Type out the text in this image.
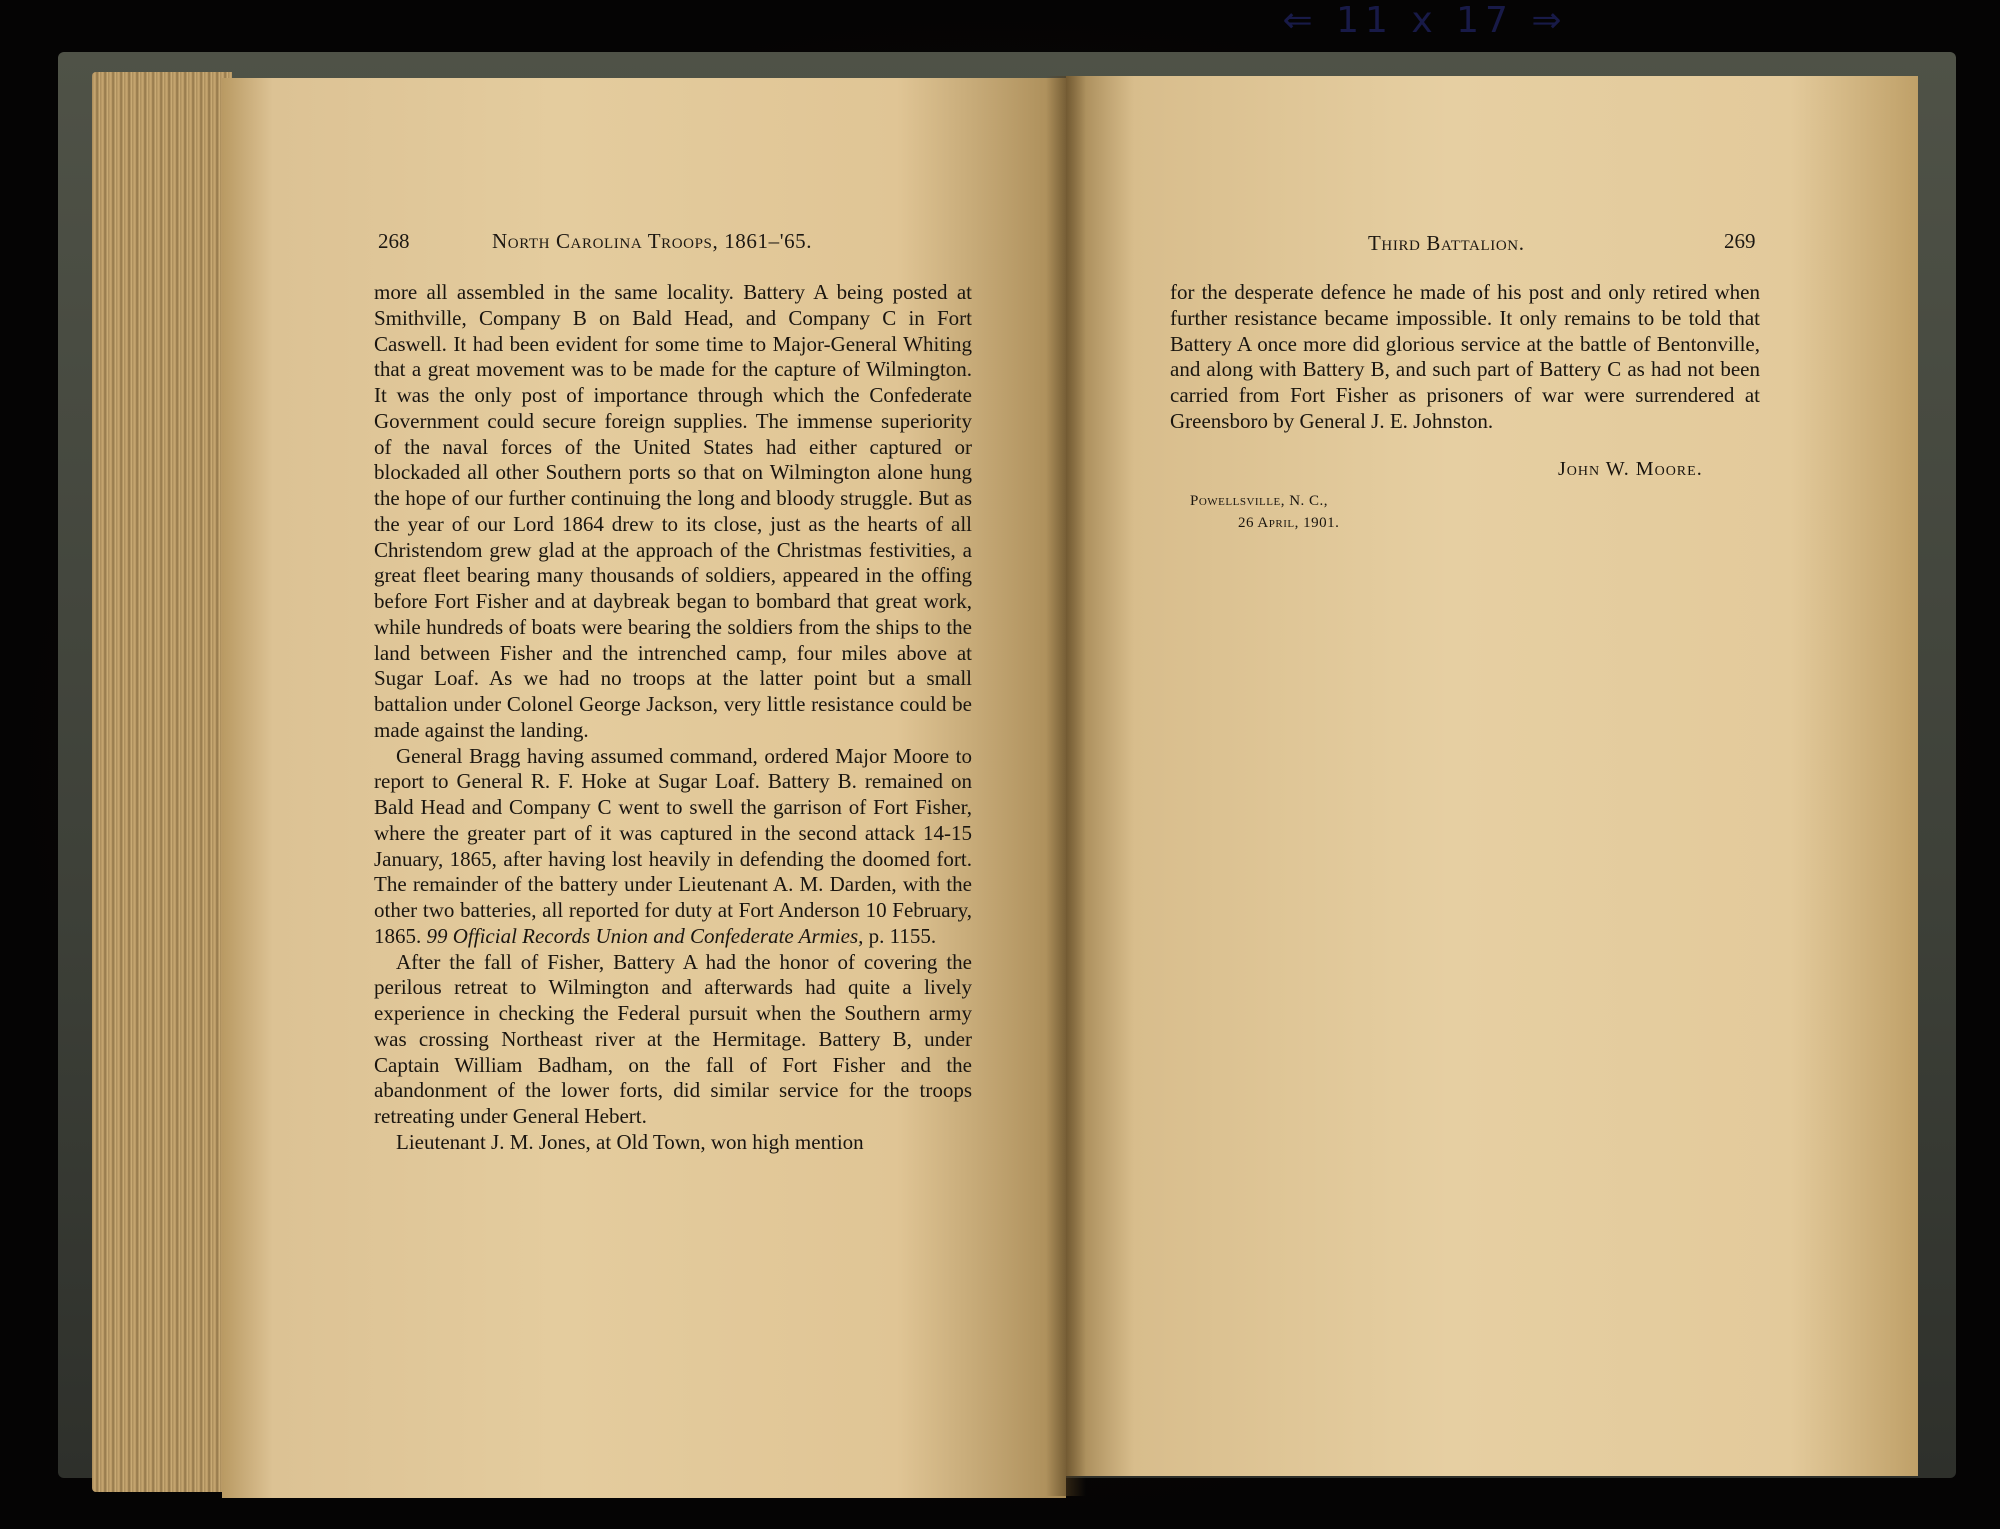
⇐ 11 x 17 ⇒
268	North Carolina Troops, 1861–'65.	Third Battalion.	269

more all assembled in the same locality. Battery A being posted at Smithville, Company B on Bald Head, and Company C in Fort Caswell. It had been evident for some time to Major-General Whiting that a great movement was to be made for the capture of Wilmington. It was the only post of importance through which the Confederate Government could secure foreign supplies. The immense superiority of the naval forces of the United States had either captured or blockaded all other Southern ports so that on Wilmington alone hung the hope of our further continuing the long and bloody struggle. But as the year of our Lord 1864 drew to its close, just as the hearts of all Christendom grew glad at the approach of the Christmas festivities, a great fleet bearing many thousands of soldiers, appeared in the offing before Fort Fisher and at daybreak began to bombard that great work, while hundreds of boats were bearing the soldiers from the ships to the land between Fisher and the intrenched camp, four miles above at Sugar Loaf. As we had no troops at the latter point but a small battalion under Colonel George Jackson, very little resistance could be made against the landing.

General Bragg having assumed command, ordered Major Moore to report to General R. F. Hoke at Sugar Loaf. Battery B. remained on Bald Head and Company C went to swell the garrison of Fort Fisher, where the greater part of it was captured in the second attack 14-15 January, 1865, after having lost heavily in defending the doomed fort. The remainder of the battery under Lieutenant A. M. Darden, with the other two batteries, all reported for duty at Fort Anderson 10 February, 1865. 99 Official Records Union and Confederate Armies, p. 1155.

After the fall of Fisher, Battery A had the honor of covering the perilous retreat to Wilmington and afterwards had quite a lively experience in checking the Federal pursuit when the Southern army was crossing Northeast river at the Hermitage. Battery B, under Captain William Badham, on the fall of Fort Fisher and the abandonment of the lower forts, did similar service for the troops retreating under General Hebert.

Lieutenant J. M. Jones, at Old Town, won high mention

for the desperate defence he made of his post and only retired when further resistance became impossible. It only remains to be told that Battery A once more did glorious service at the battle of Bentonville, and along with Battery B, and such part of Battery C as had not been carried from Fort Fisher as prisoners of war were surrendered at Greensboro by General J. E. Johnston.

John W. Moore.
Powellsville, N. C.,
26 April, 1901.
